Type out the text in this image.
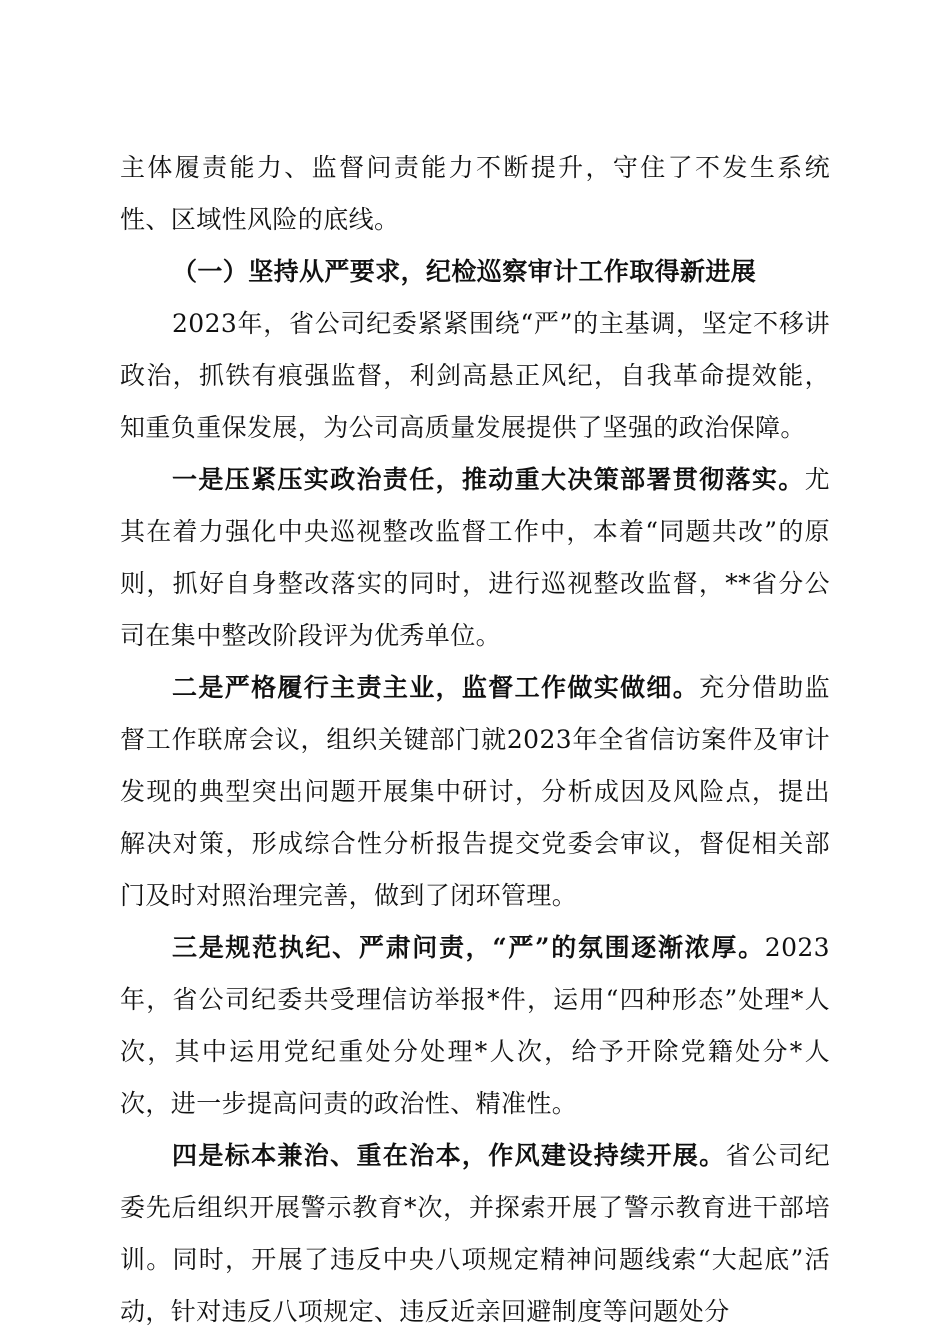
主体履责能力、监督问责能力不断提升，守住了不发生系统性、区域性风险的底线。

（一）坚持从严要求，纪检巡察审计工作取得新进展

2023年，省公司纪委紧紧围绕“严”的主基调，坚定不移讲政治，抓铁有痕强监督，利剑高悬正风纪，自我革命提效能，知重负重保发展，为公司高质量发展提供了坚强的政治保障。

一是压紧压实政治责任，推动重大决策部署贯彻落实。尤其在着力强化中央巡视整改监督工作中，本着“同题共改”的原则，抓好自身整改落实的同时，进行巡视整改监督，**省分公司在集中整改阶段评为优秀单位。

二是严格履行主责主业，监督工作做实做细。充分借助监督工作联席会议，组织关键部门就2023年全省信访案件及审计发现的典型突出问题开展集中研讨，分析成因及风险点，提出解决对策，形成综合性分析报告提交党委会审议，督促相关部门及时对照治理完善，做到了闭环管理。

三是规范执纪、严肃问责，“严”的氛围逐渐浓厚。2023年，省公司纪委共受理信访举报*件，运用“四种形态”处理*人次，其中运用党纪重处分处理*人次，给予开除党籍处分*人次，进一步提高问责的政治性、精准性。

四是标本兼治、重在治本，作风建设持续开展。省公司纪委先后组织开展警示教育*次，并探索开展了警示教育进干部培训。同时，开展了违反中央八项规定精神问题线索“大起底”活动，针对违反八项规定、违反近亲回避制度等问题处分
